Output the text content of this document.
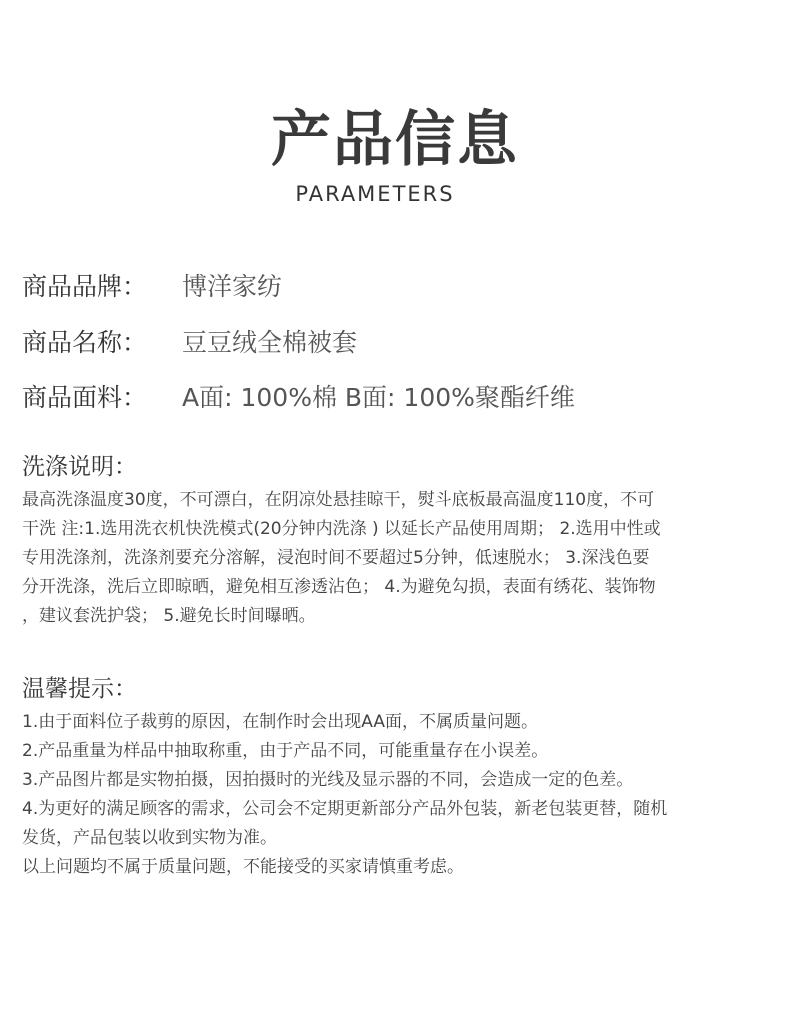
产品信息
PARAMETERS
商品品牌： 博洋家纺
商品名称： 豆豆绒全棉被套
商品面料： A面: 100%棉 B面: 100%聚酯纤维
洗涤说明：
最高洗涤温度30度，不可漂白，在阴凉处悬挂晾干，熨斗底板最高温度110度，不可
干洗 注:1.选用洗衣机快洗模式(20分钟内洗涤 ) 以延长产品使用周期； 2.选用中性或
专用洗涤剂，洗涤剂要充分溶解，浸泡时间不要超过5分钟，低速脱水； 3.深浅色要
分开洗涤，洗后立即晾晒，避免相互渗透沾色； 4.为避免勾损，表面有绣花、装饰物
，建议套洗护袋； 5.避免长时间曝晒。
温馨提示：
1.由于面料位子裁剪的原因，在制作时会出现AA面，不属质量问题。
2.产品重量为样品中抽取称重，由于产品不同，可能重量存在小误差。
3.产品图片都是实物拍摄，因拍摄时的光线及显示器的不同，会造成一定的色差。
4.为更好的满足顾客的需求，公司会不定期更新部分产品外包装，新老包装更替，随机
发货，产品包装以收到实物为准。
以上问题均不属于质量问题，不能接受的买家请慎重考虑。
